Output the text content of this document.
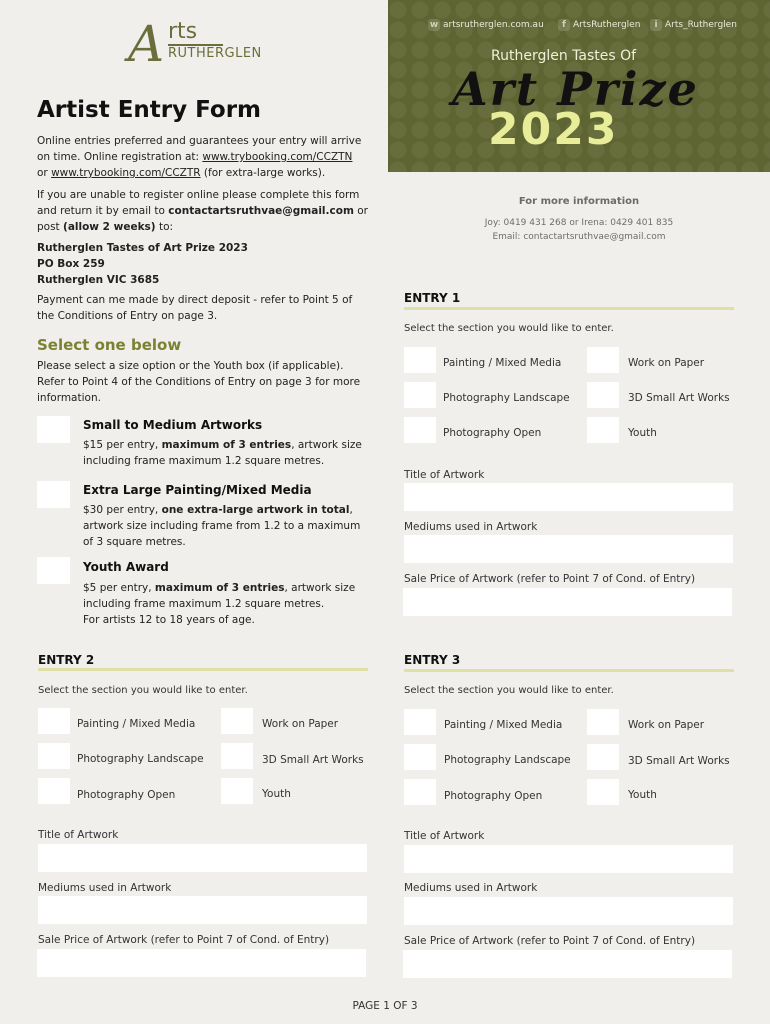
A rts
RUTHERGLEN
w artsrutherglen.com.au	f ArtsRutherglen	i Arts_Rutherglen
Rutherglen Tastes Of
Art Prize
2023
For more information
Joy: 0419 431 268 or Irena: 0429 401 835
Email: contactartsruthvae@gmail.com
Artist Entry Form
Online entries preferred and guarantees your entry will arrive
on time. Online registration at: www.trybooking.com/CCZTN
or www.trybooking.com/CCZTR (for extra-large works).
If you are unable to register online please complete this form
and return it by email to contactartsruthvae@gmail.com or
post (allow 2 weeks) to:
Rutherglen Tastes of Art Prize 2023
PO Box 259
Rutherglen VIC 3685
Payment can me made by direct deposit - refer to Point 5 of
the Conditions of Entry on page 3.
Select one below
Please select a size option or the Youth box (if applicable).
Refer to Point 4 of the Conditions of Entry on page 3 for more
information.
Small to Medium Artworks
$15 per entry, maximum of 3 entries, artwork size
including frame maximum 1.2 square metres.
Extra Large Painting/Mixed Media
$30 per entry, one extra-large artwork in total,
artwork size including frame from 1.2 to a maximum
of 3 square metres.
Youth Award
$5 per entry, maximum of 3 entries, artwork size
including frame maximum 1.2 square metres.
For artists 12 to 18 years of age.
ENTRY 1
Select the section you would like to enter.
Painting / Mixed Media	Work on Paper
Photography Landscape	3D Small Art Works
Photography Open	Youth
Title of Artwork
Mediums used in Artwork
Sale Price of Artwork (refer to Point 7 of Cond. of Entry)
ENTRY 2
Select the section you would like to enter.
Painting / Mixed Media	Work on Paper
Photography Landscape	3D Small Art Works
Photography Open	Youth
Title of Artwork
Mediums used in Artwork
Sale Price of Artwork (refer to Point 7 of Cond. of Entry)
ENTRY 3
Select the section you would like to enter.
Painting / Mixed Media	Work on Paper
Photography Landscape	3D Small Art Works
Photography Open	Youth
Title of Artwork
Mediums used in Artwork
Sale Price of Artwork (refer to Point 7 of Cond. of Entry)
PAGE 1 OF 3
